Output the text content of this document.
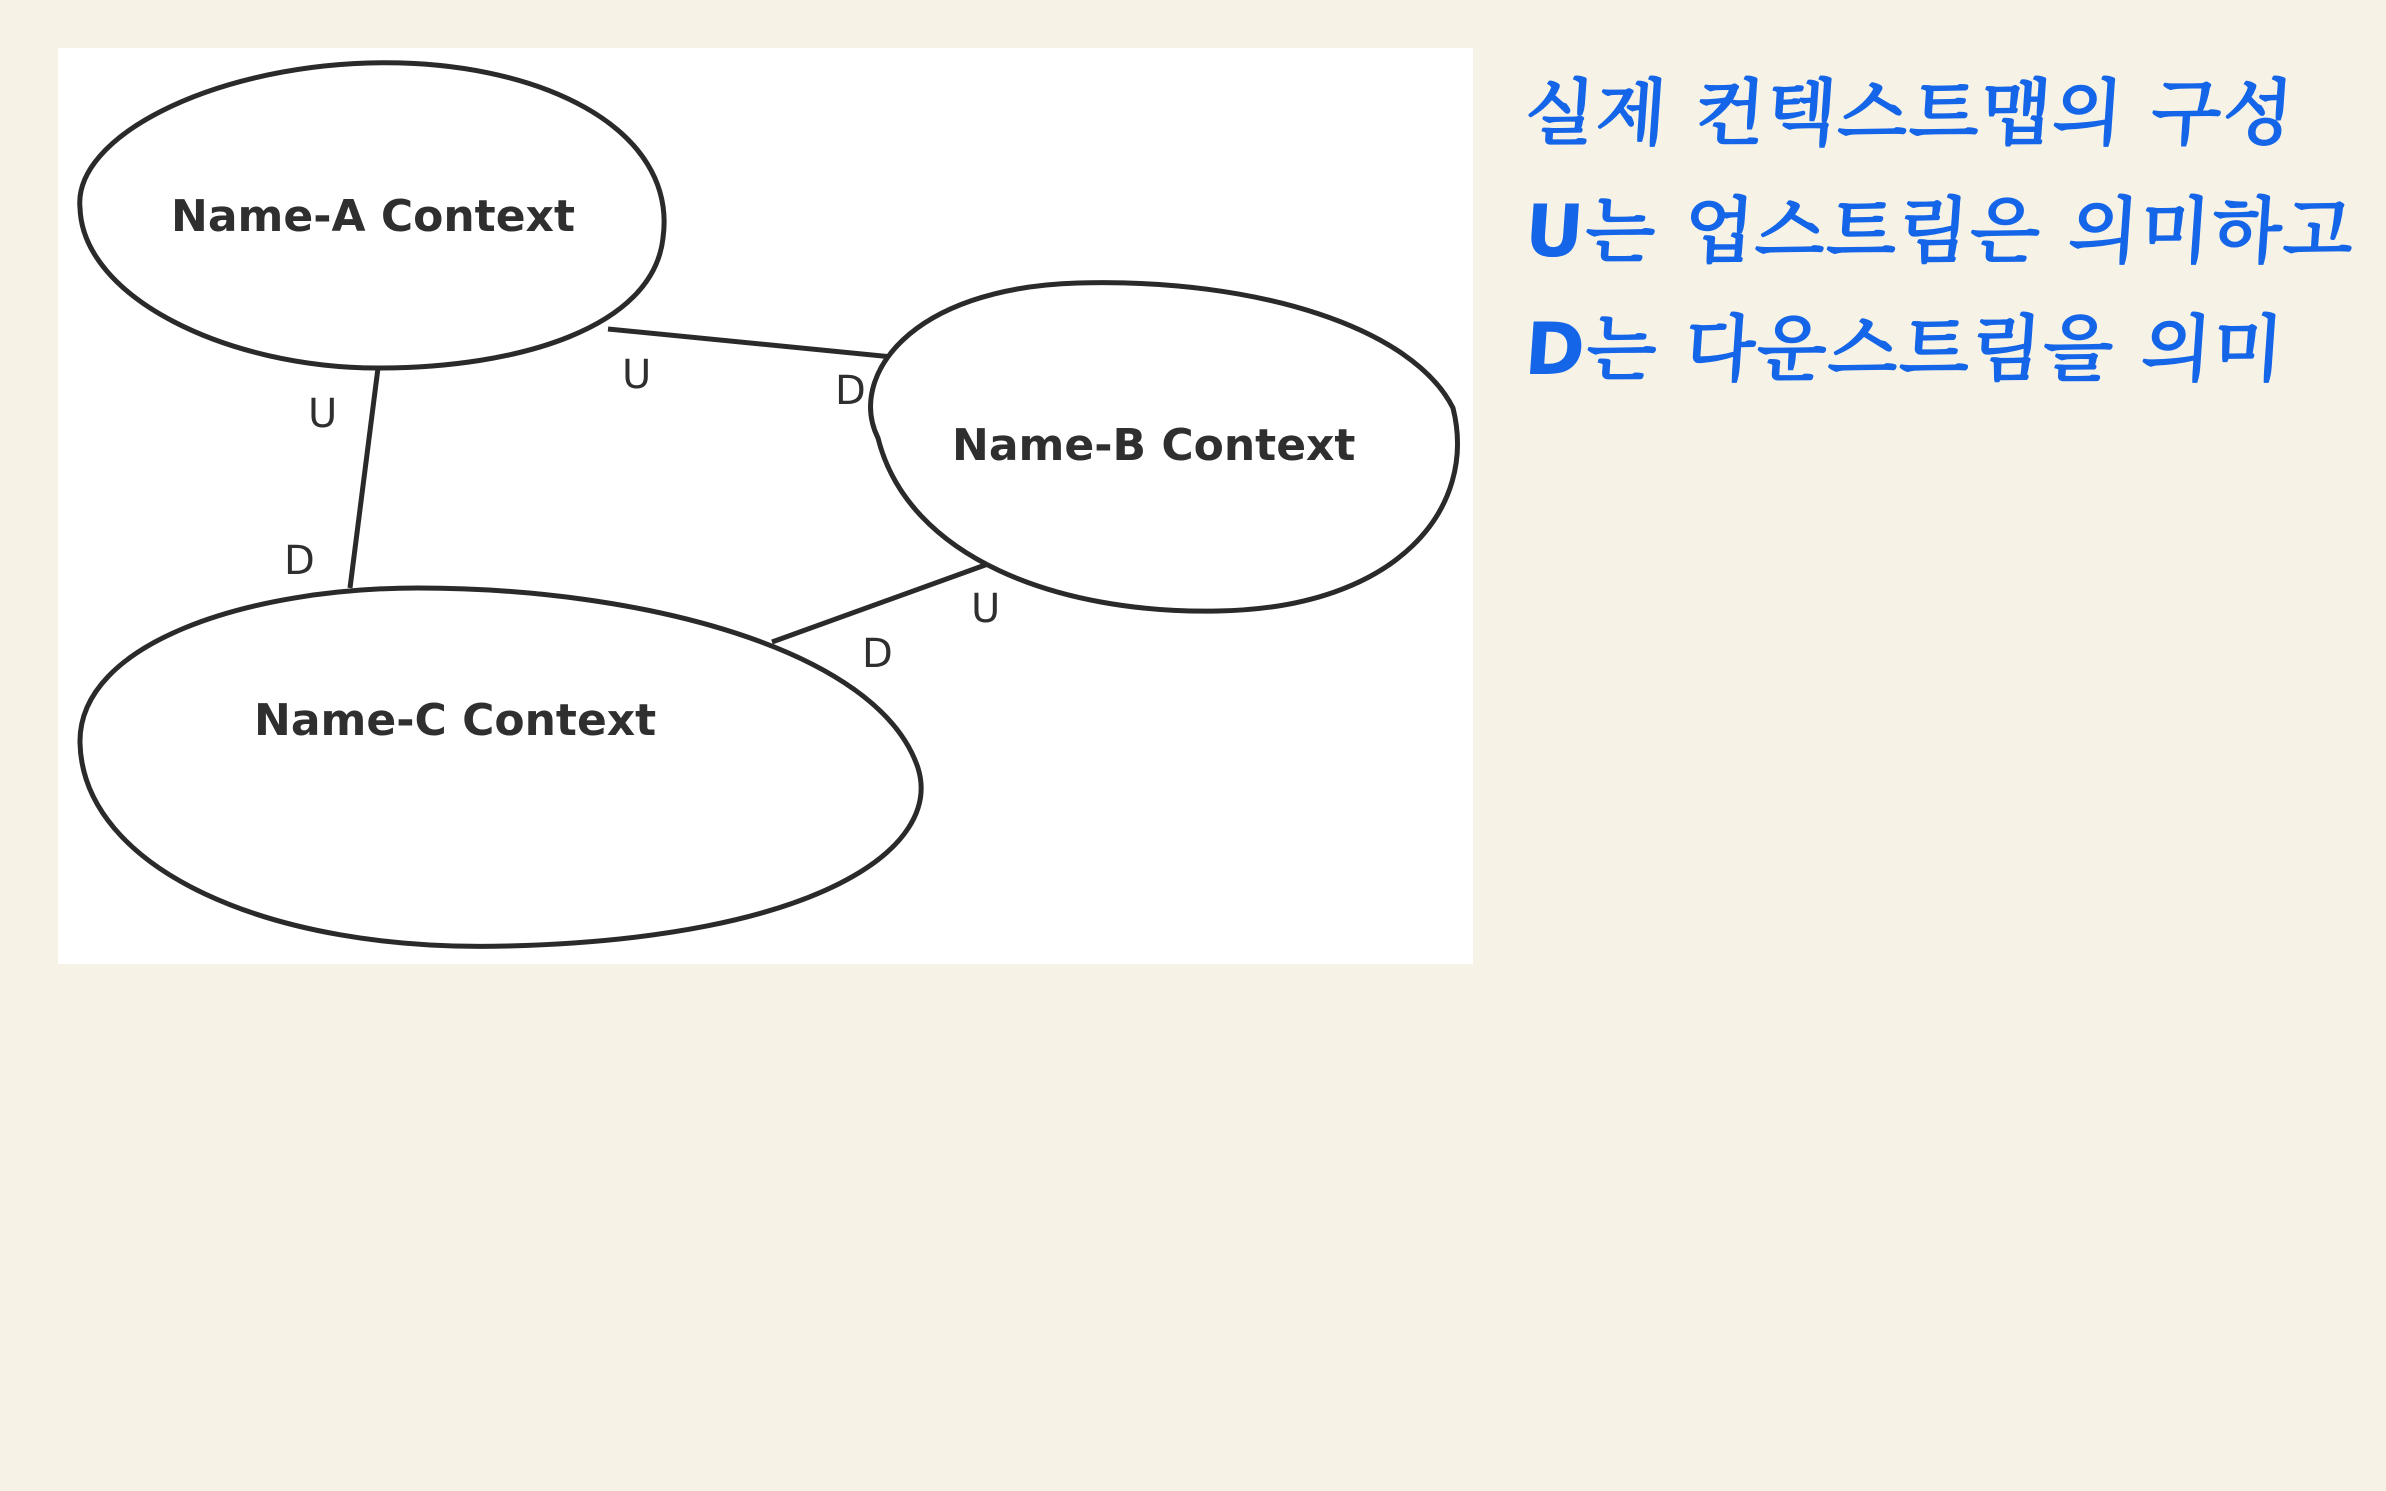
Name-A Context
Name-B Context
Name-C Context
U	D
U
D
U
D
실제 컨텍스트맵의 구성
U는 업스트림은 의미하고
D는 다운스트림을 의미
